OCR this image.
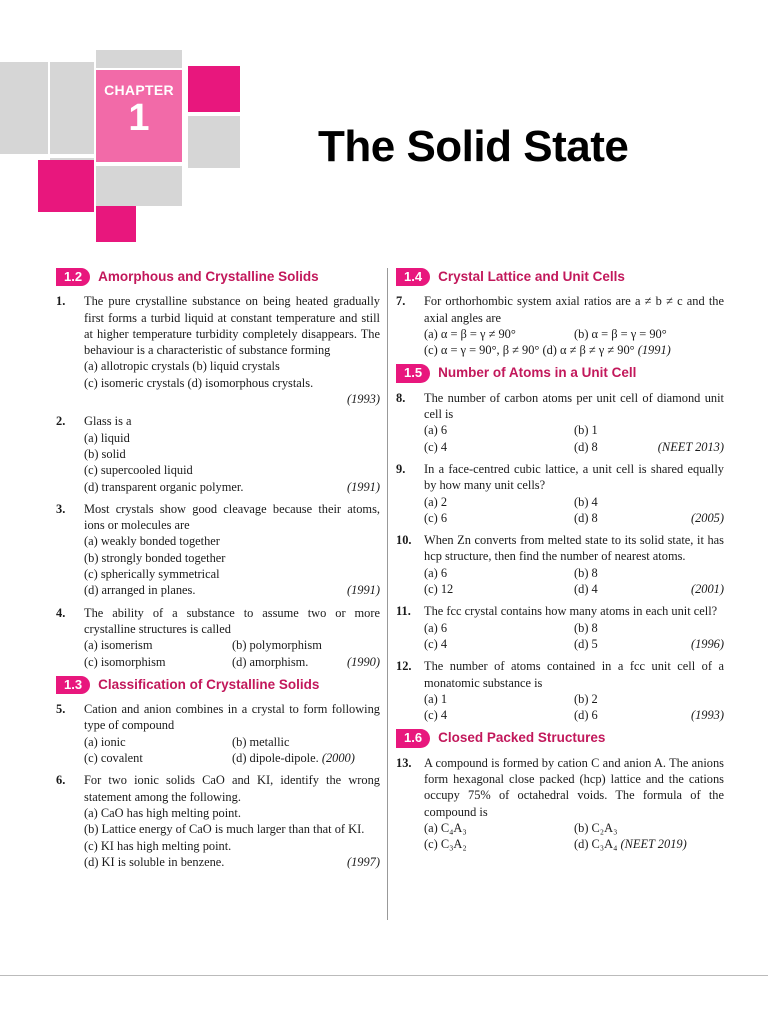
CHAPTER
1
The Solid State
1.2	Amorphous and Crystalline Solids
1. The pure crystalline substance on being heated gradually first forms a turbid liquid at constant temperature and still at higher temperature turbidity completely disappears. The behaviour is a characteristic of substance forming
(a) allotropic crystals (b) liquid crystals
(c) isomeric crystals (d) isomorphous crystals.
(1993)
2. Glass is a
(a) liquid
(b) solid
(c) supercooled liquid
(d) transparent organic polymer.	(1991)
3. Most crystals show good cleavage because their atoms, ions or molecules are
(a) weakly bonded together
(b) strongly bonded together
(c) spherically symmetrical
(d) arranged in planes.	(1991)
4. The ability of a substance to assume two or more crystalline structures is called
(a) isomerism	(b) polymorphism
(c) isomorphism	(d) amorphism.	(1990)
1.3	Classification of Crystalline Solids
5. Cation and anion combines in a crystal to form following type of compound
(a) ionic	(b) metallic
(c) covalent	(d) dipole-dipole. (2000)
6. For two ionic solids CaO and KI, identify the wrong statement among the following.
(a) CaO has high melting point.
(b) Lattice energy of CaO is much larger than that of KI.
(c) KI has high melting point.
(d) KI is soluble in benzene.	(1997)
1.4	Crystal Lattice and Unit Cells
7. For orthorhombic system axial ratios are a ≠ b ≠ c and the axial angles are
(a) α = β = γ ≠ 90°	(b) α = β = γ = 90°
(c) α = γ = 90°, β ≠ 90° (d) α ≠ β ≠ γ ≠ 90° (1991)
1.5	Number of Atoms in a Unit Cell
8. The number of carbon atoms per unit cell of diamond unit cell is
(a) 6	(b) 1
(c) 4	(d) 8	(NEET 2013)
9. In a face-centred cubic lattice, a unit cell is shared equally by how many unit cells?
(a) 2	(b) 4
(c) 6	(d) 8	(2005)
10. When Zn converts from melted state to its solid state, it has hcp structure, then find the number of nearest atoms.
(a) 6	(b) 8
(c) 12	(d) 4	(2001)
11. The fcc crystal contains how many atoms in each unit cell?
(a) 6	(b) 8
(c) 4	(d) 5	(1996)
12. The number of atoms contained in a fcc unit cell of a monatomic substance is
(a) 1	(b) 2
(c) 4	(d) 6	(1993)
1.6	Closed Packed Structures
13. A compound is formed by cation C and anion A. The anions form hexagonal close packed (hcp) lattice and the cations occupy 75% of octahedral voids. The formula of the compound is
(a) C₄A₃	(b) C₂A₃
(c) C₃A₂	(d) C₃A₄ (NEET 2019)
